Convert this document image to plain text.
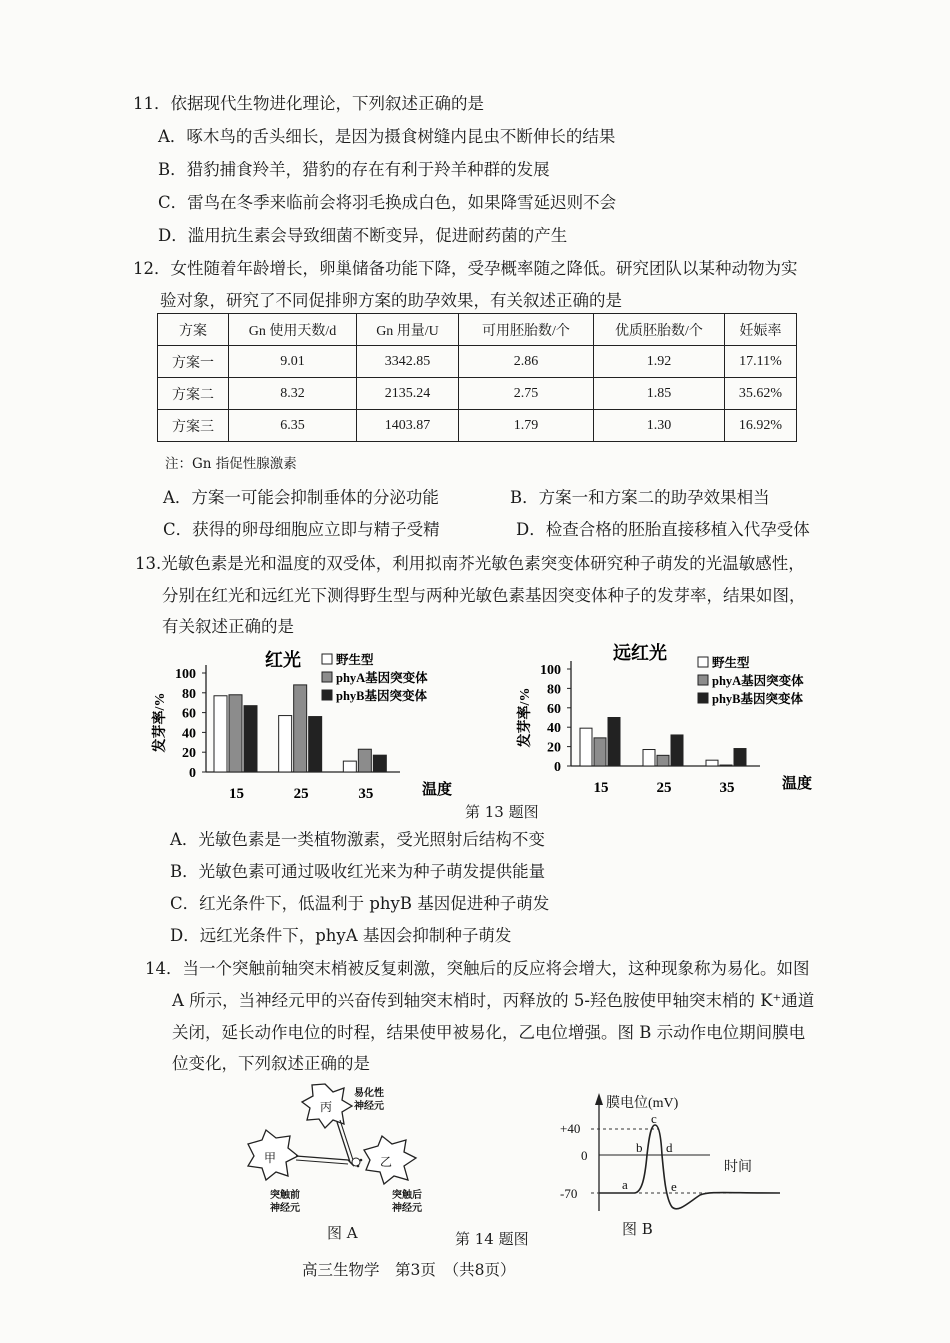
11．依据现代生物进化理论，下列叙述正确的是
A．啄木鸟的舌头细长，是因为摄食树缝内昆虫不断伸长的结果
B．猎豹捕食羚羊，猎豹的存在有利于羚羊种群的发展
C．雷鸟在冬季来临前会将羽毛换成白色，如果降雪延迟则不会
D．滥用抗生素会导致细菌不断变异，促进耐药菌的产生
12．女性随着年龄增长，卵巢储备功能下降，受孕概率随之降低。研究团队以某种动物为实
验对象，研究了不同促排卵方案的助孕效果，有关叙述正确的是
方案	Gn 使用天数/d	Gn 用量/U	可用胚胎数/个	优质胚胎数/个	妊娠率
方案一	9.01	3342.85	2.86	1.92	17.11%
方案二	8.32	2135.24	2.75	1.85	35.62%
方案三	6.35	1403.87	1.79	1.30	16.92%
注：Gn 指促性腺激素
A．方案一可能会抑制垂体的分泌功能	B．方案一和方案二的助孕效果相当
C．获得的卵母细胞应立即与精子受精	D．检查合格的胚胎直接移植入代孕受体
13.光敏色素是光和温度的双受体，利用拟南芥光敏色素突变体研究种子萌发的光温敏感性，
分别在红光和远红光下测得野生型与两种光敏色素基因突变体种子的发芽率，结果如图，
有关叙述正确的是
发芽率/%
0
20
40
60
80
100
15	25	35	温度
红光	野生型
phyA基因突变体
phyB基因突变体	发芽率/%
0
20
40
60
80
100
15	25	35	温度
远红光	野生型
phyA基因突变体
phyB基因突变体
第 13 题图
A．光敏色素是一类植物激素，受光照射后结构不变
B．光敏色素可通过吸收红光来为种子萌发提供能量
C．红光条件下，低温利于 phyB 基因促进种子萌发
D．远红光条件下，phyA 基因会抑制种子萌发
14．当一个突触前轴突末梢被反复刺激，突触后的反应将会增大，这种现象称为易化。如图
A 所示，当神经元甲的兴奋传到轴突末梢时，丙释放的 5-羟色胺使甲轴突末梢的 K⁺通道
关闭，延长动作电位的时程，结果使甲被易化，乙电位增强。图 B 示动作电位期间膜电
位变化，下列叙述正确的是
丙
易化性
神经元
甲	乙
突触前
神经元
突触后
神经元
图 A	第 14 题图
膜电位(mV)
+40
0
-70
时间
a
b
c
d
e
图 B
高三生物学　第3页　（共8页）
